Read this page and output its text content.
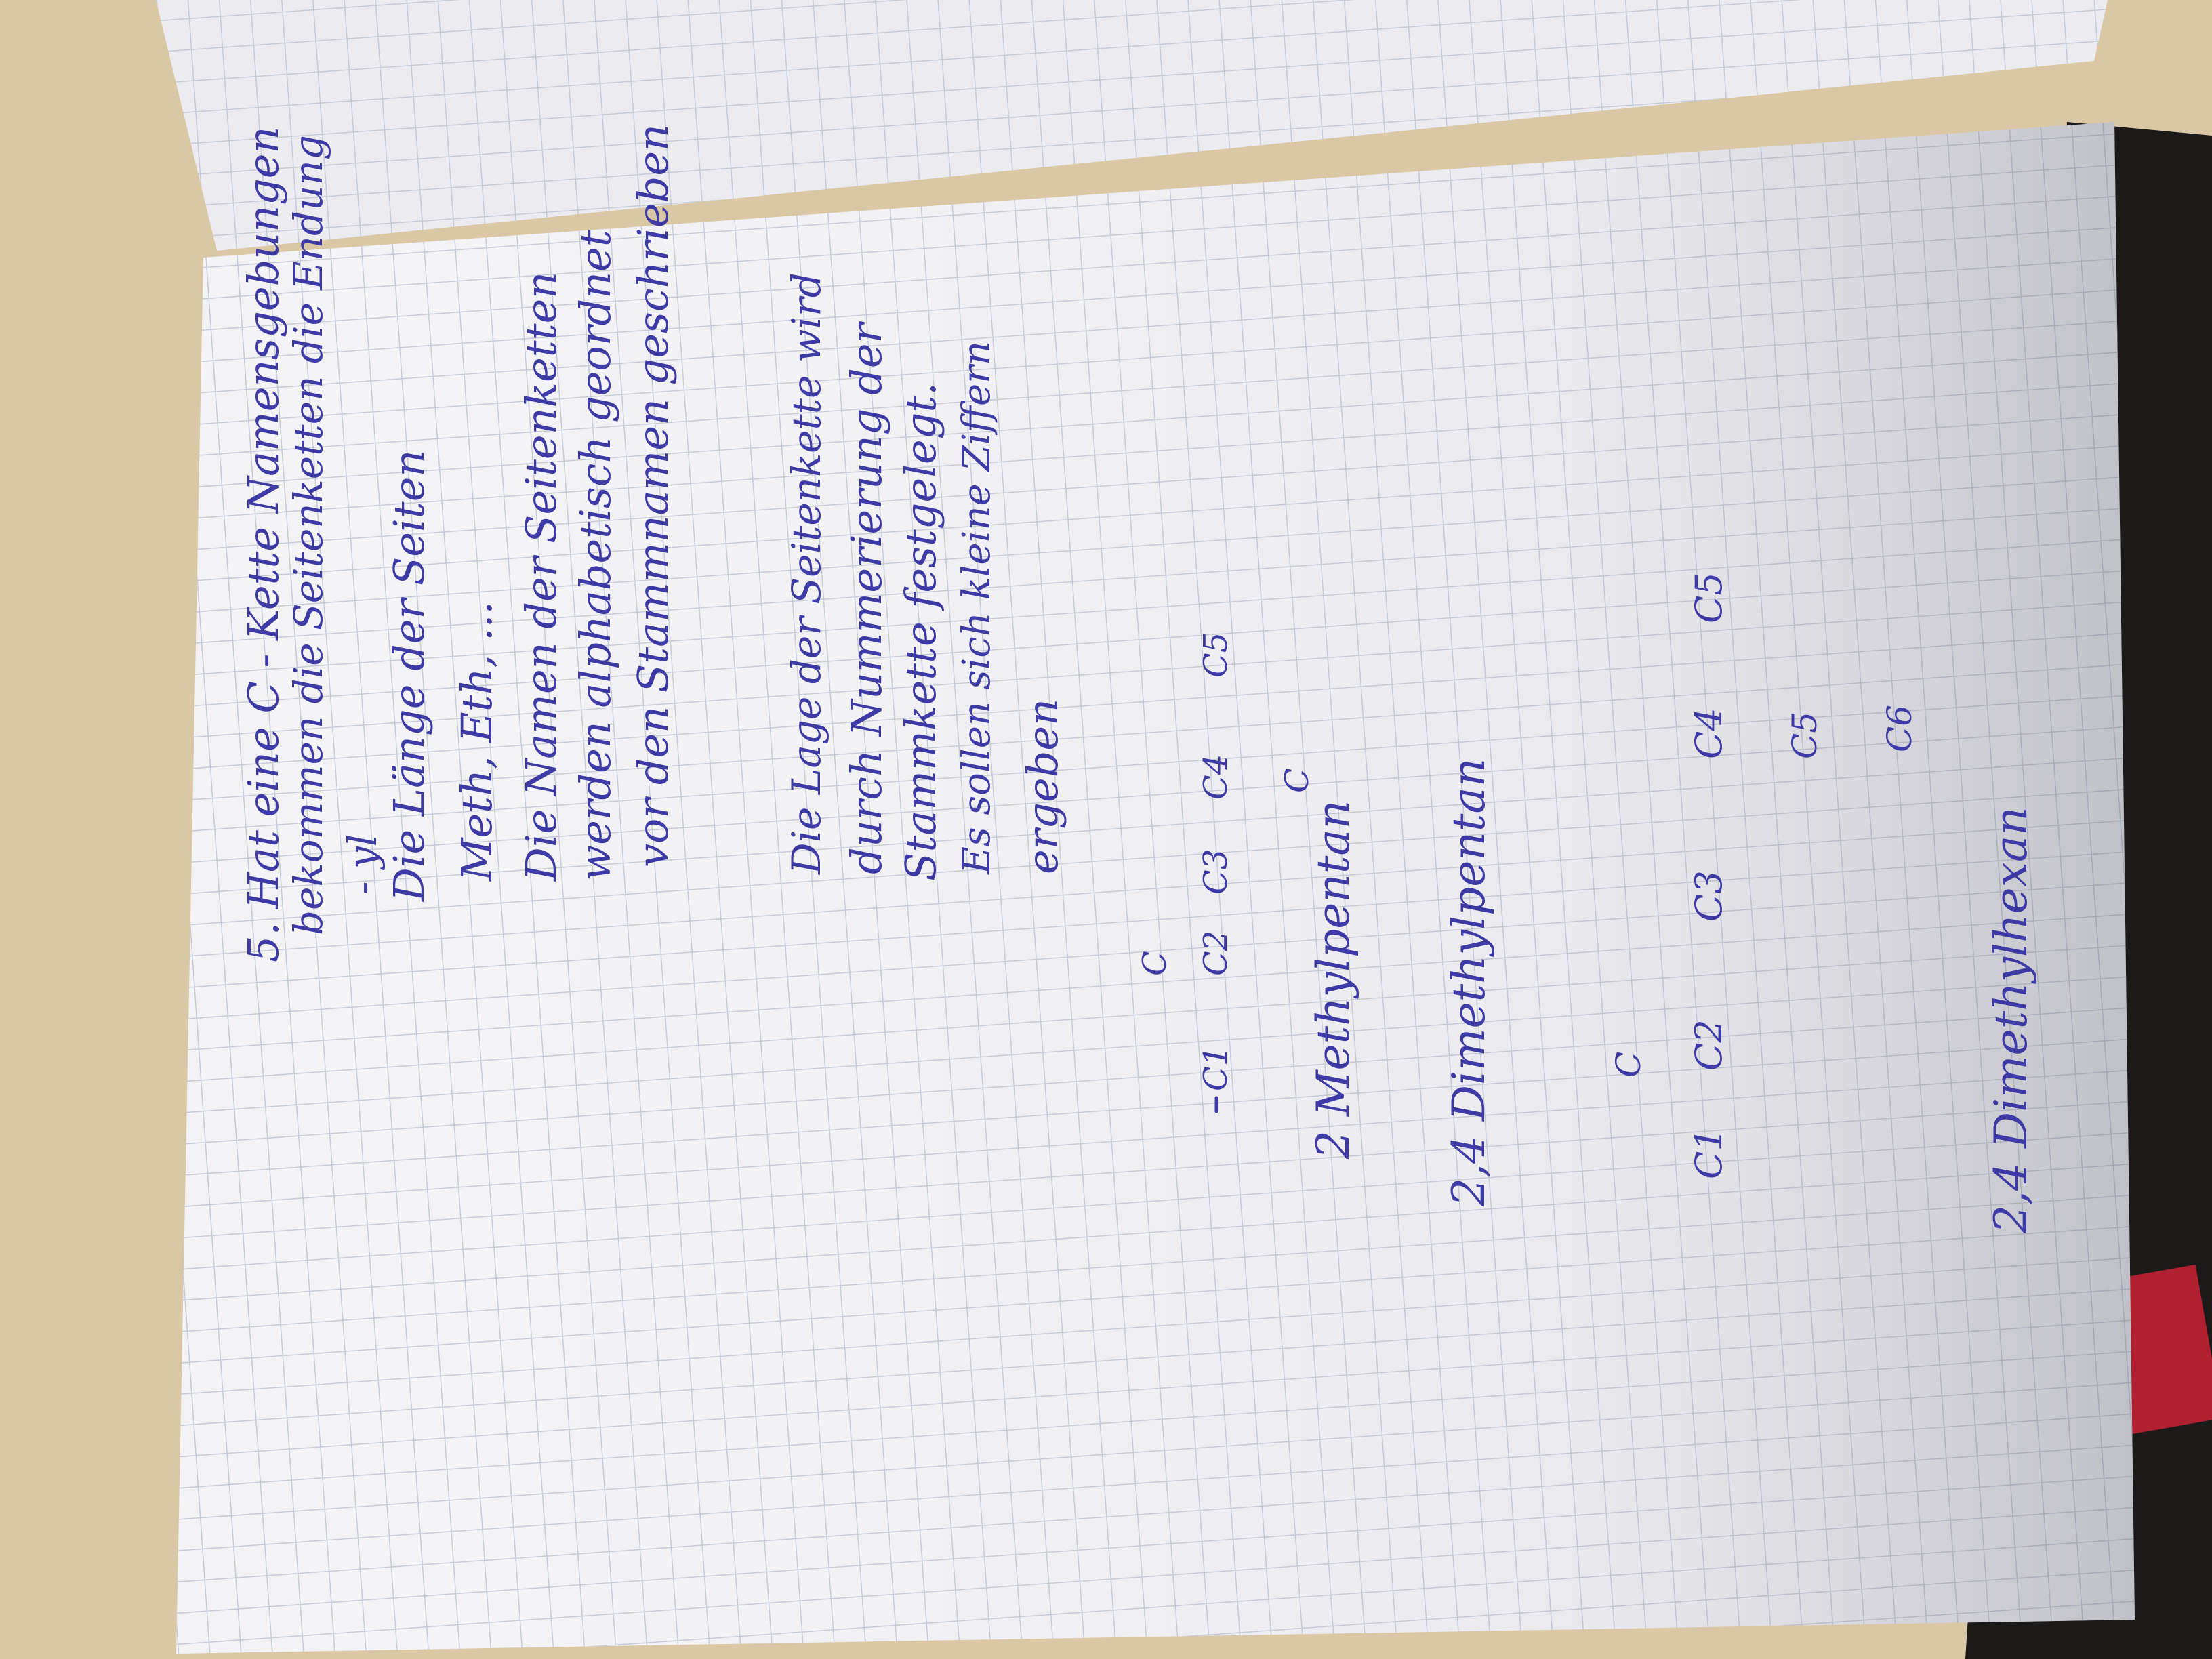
5. Hat eine C - Kette Namensgebungen
bekommen die Seitenketten die Endung - yl
Die Länge der Seiten Meth, Eth, ... Die Namen der Seitenketten werden alphabetisch geordnet vor den Stammnamen geschrieben	Die Lage der Seitenkette wird durch Nummerierung der Stammkette festgelegt. Es sollen sich kleine Ziffern ergeben
C1
C2
C3
C4
C5
C
C
2 Methylpentan 2,4 Dimethylpentan	C1
C2
C3
C4
C5
C
C5 C6
2,4 Dimethylhexan
